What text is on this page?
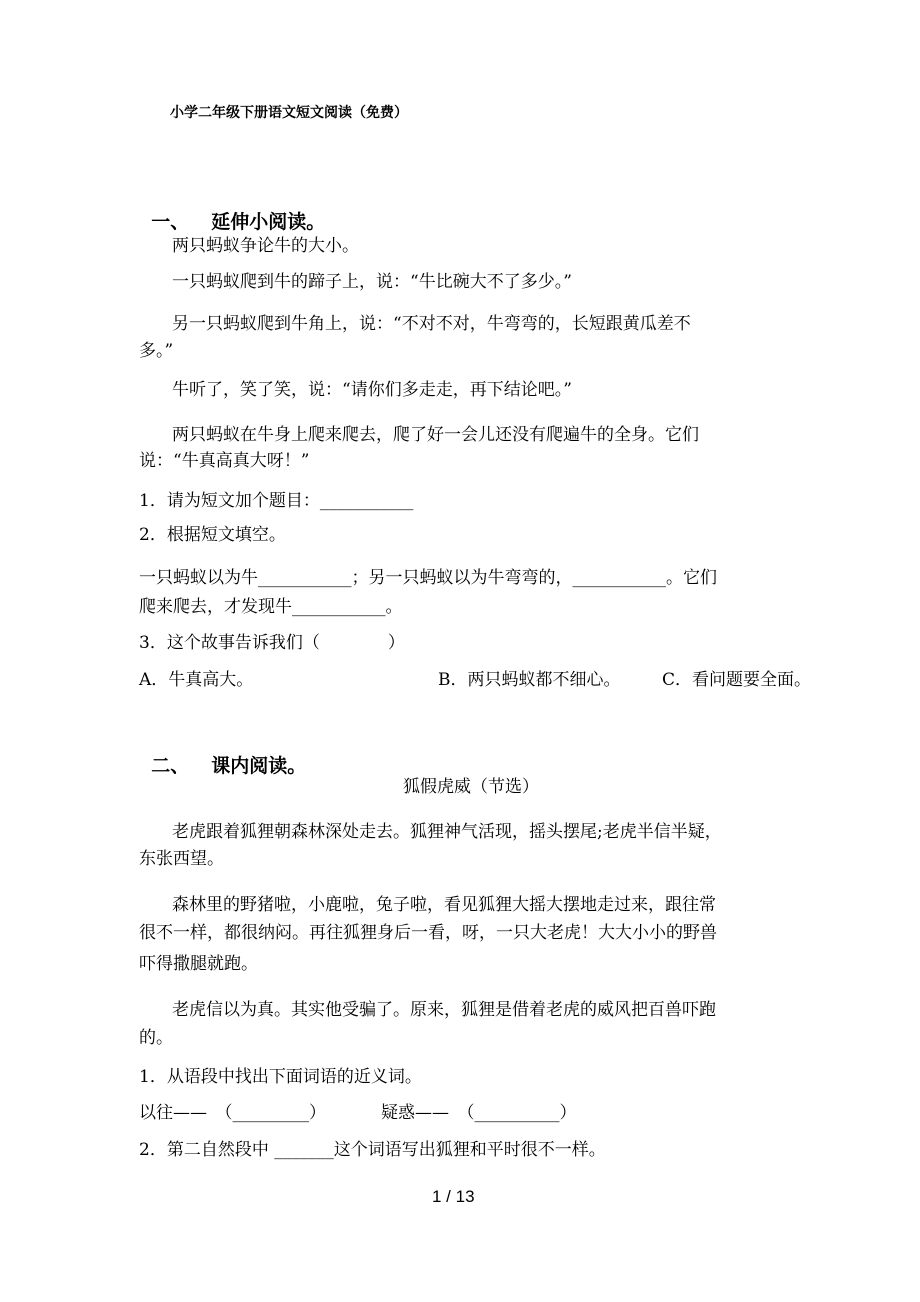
小学二年级下册语文短文阅读（免费）

一、 延伸小阅读。

两只蚂蚁争论牛的大小。
一只蚂蚁爬到牛的蹄子上，说：“牛比碗大不了多少。”
另一只蚂蚁爬到牛角上，说：“不对不对，牛弯弯的，长短跟黄瓜差不
多。”
牛听了，笑了笑，说：“请你们多走走，再下结论吧。”
两只蚂蚁在牛身上爬来爬去，爬了好一会儿还没有爬遍牛的全身。它们
说：“牛真高真大呀！”
1．请为短文加个题目：___________
2．根据短文填空。
一只蚂蚁以为牛___________；另一只蚂蚁以为牛弯弯的，___________。它们
爬来爬去，才发现牛___________。
3．这个故事告诉我们（　　　　）
A．牛真高大。	B．两只蚂蚁都不细心。 C．看问题要全面。

二、 课内阅读。

狐假虎威（节选）
老虎跟着狐狸朝森林深处走去。狐狸神气活现，摇头摆尾;老虎半信半疑，
东张西望。
森林里的野猪啦，小鹿啦，兔子啦，看见狐狸大摇大摆地走过来，跟往常
很不一样，都很纳闷。再往狐狸身后一看，呀，一只大老虎！大大小小的野兽
吓得撒腿就跑。
老虎信以为真。其实他受骗了。原来，狐狸是借着老虎的威风把百兽吓跑
的。
1．从语段中找出下面词语的近义词。
以往——　（_________）	疑惑——　（__________）
2．第二自然段中 _______这个词语写出狐狸和平时很不一样。
1 / 13
